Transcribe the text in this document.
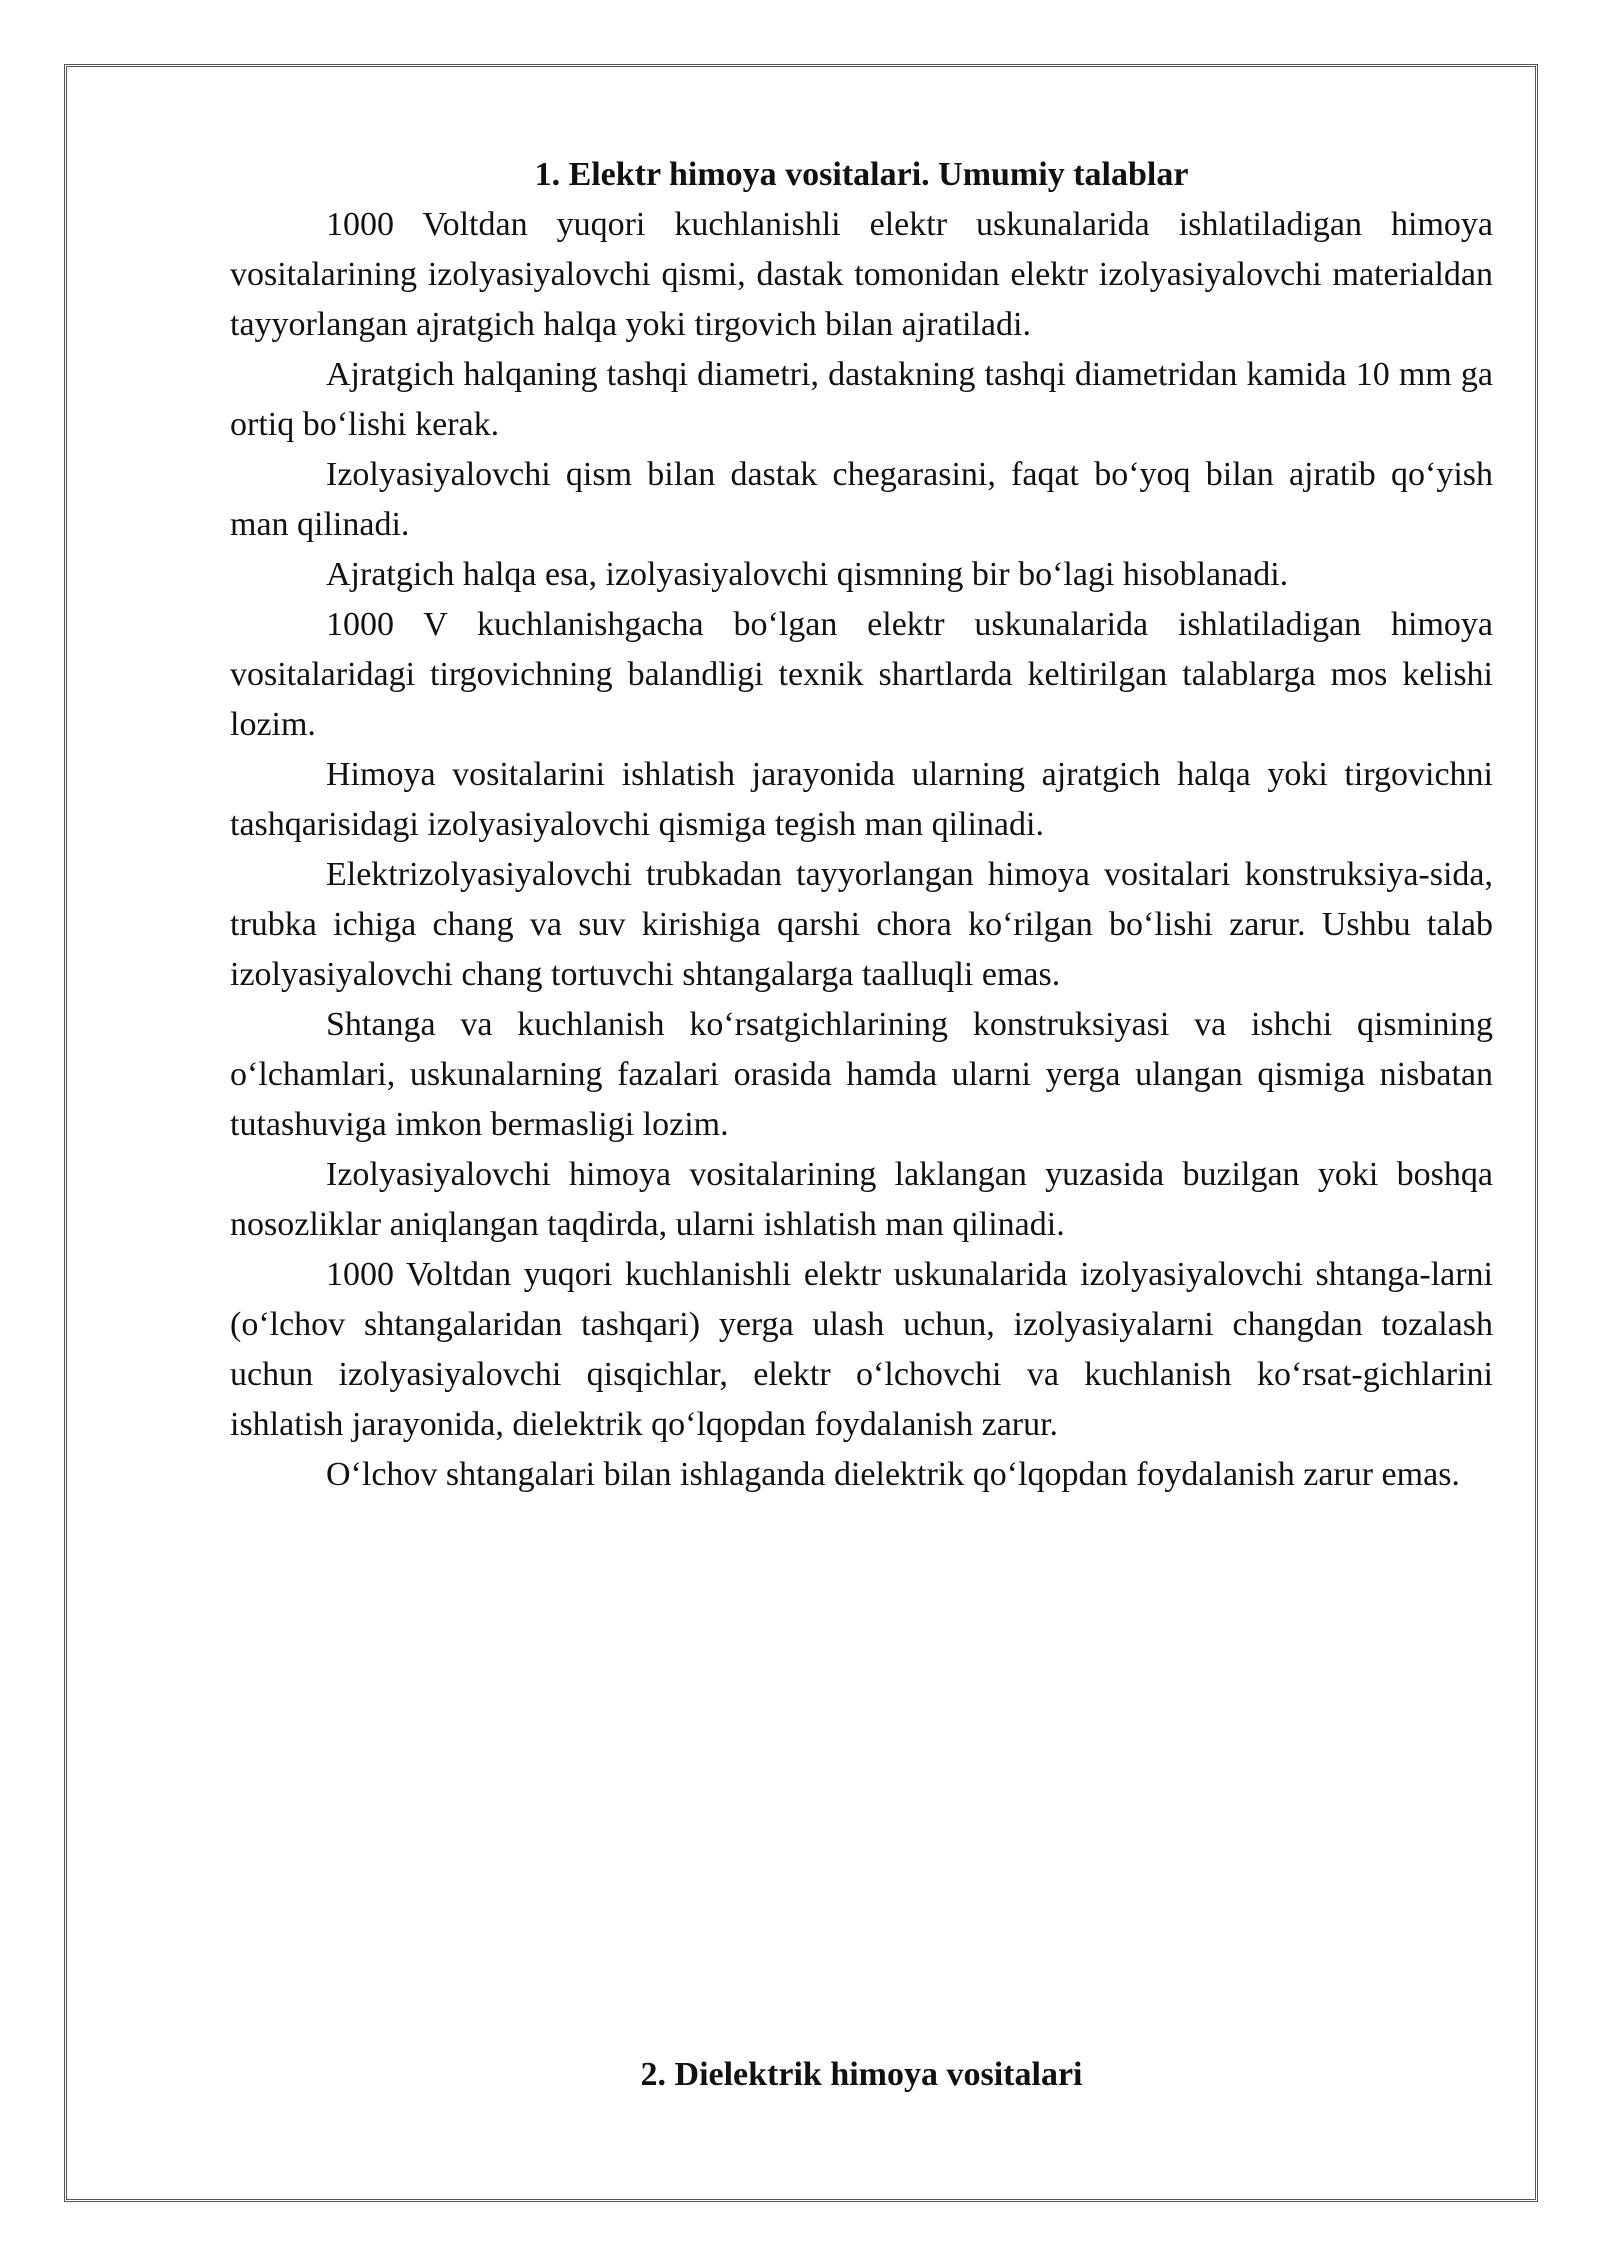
1. Elektr himoya vositalari. Umumiy talablar

1000 Voltdan yuqori kuchlanishli elektr uskunalarida ishlatiladigan himoya vositalarining izolyasiyalovchi qismi, dastak tomonidan elektr izolyasiyalovchi materialdan tayyorlangan ajratgich halqa yoki tirgovich bilan ajratiladi.

Ajratgich halqaning tashqi diametri, dastakning tashqi diametridan kamida 10 mm ga ortiq bo‘lishi kerak.

Izolyasiyalovchi qism bilan dastak chegarasini, faqat bo‘yoq bilan ajratib qo‘yish man qilinadi.

Ajratgich halqa esa, izolyasiyalovchi qismning bir bo‘lagi hisoblanadi.

1000 V kuchlanishgacha bo‘lgan elektr uskunalarida ishlatiladigan himoya vositalaridagi tirgovichning balandligi texnik shartlarda keltirilgan talablarga mos kelishi lozim.

Himoya vositalarini ishlatish jarayonida ularning ajratgich halqa yoki tirgovichni tashqarisidagi izolyasiyalovchi qismiga tegish man qilinadi.

Elektrizolyasiyalovchi trubkadan tayyorlangan himoya vositalari konstruksiya-sida, trubka ichiga chang va suv kirishiga qarshi chora ko‘rilgan bo‘lishi zarur. Ushbu talab izolyasiyalovchi chang tortuvchi shtangalarga taalluqli emas.

Shtanga va kuchlanish ko‘rsatgichlarining konstruksiyasi va ishchi qismining o‘lchamlari, uskunalarning fazalari orasida hamda ularni yerga ulangan qismiga nisbatan tutashuviga imkon bermasligi lozim.

Izolyasiyalovchi himoya vositalarining laklangan yuzasida buzilgan yoki boshqa nosozliklar aniqlangan taqdirda, ularni ishlatish man qilinadi.

1000 Voltdan yuqori kuchlanishli elektr uskunalarida izolyasiyalovchi shtanga-larni (o‘lchov shtangalaridan tashqari) yerga ulash uchun, izolyasiyalarni changdan tozalash uchun izolyasiyalovchi qisqichlar, elektr o‘lchovchi va kuchlanish ko‘rsat-gichlarini ishlatish jarayonida, dielektrik qo‘lqopdan foydalanish zarur.

O‘lchov shtangalari bilan ishlaganda dielektrik qo‘lqopdan foydalanish zarur emas.

2. Dielektrik himoya vositalari
